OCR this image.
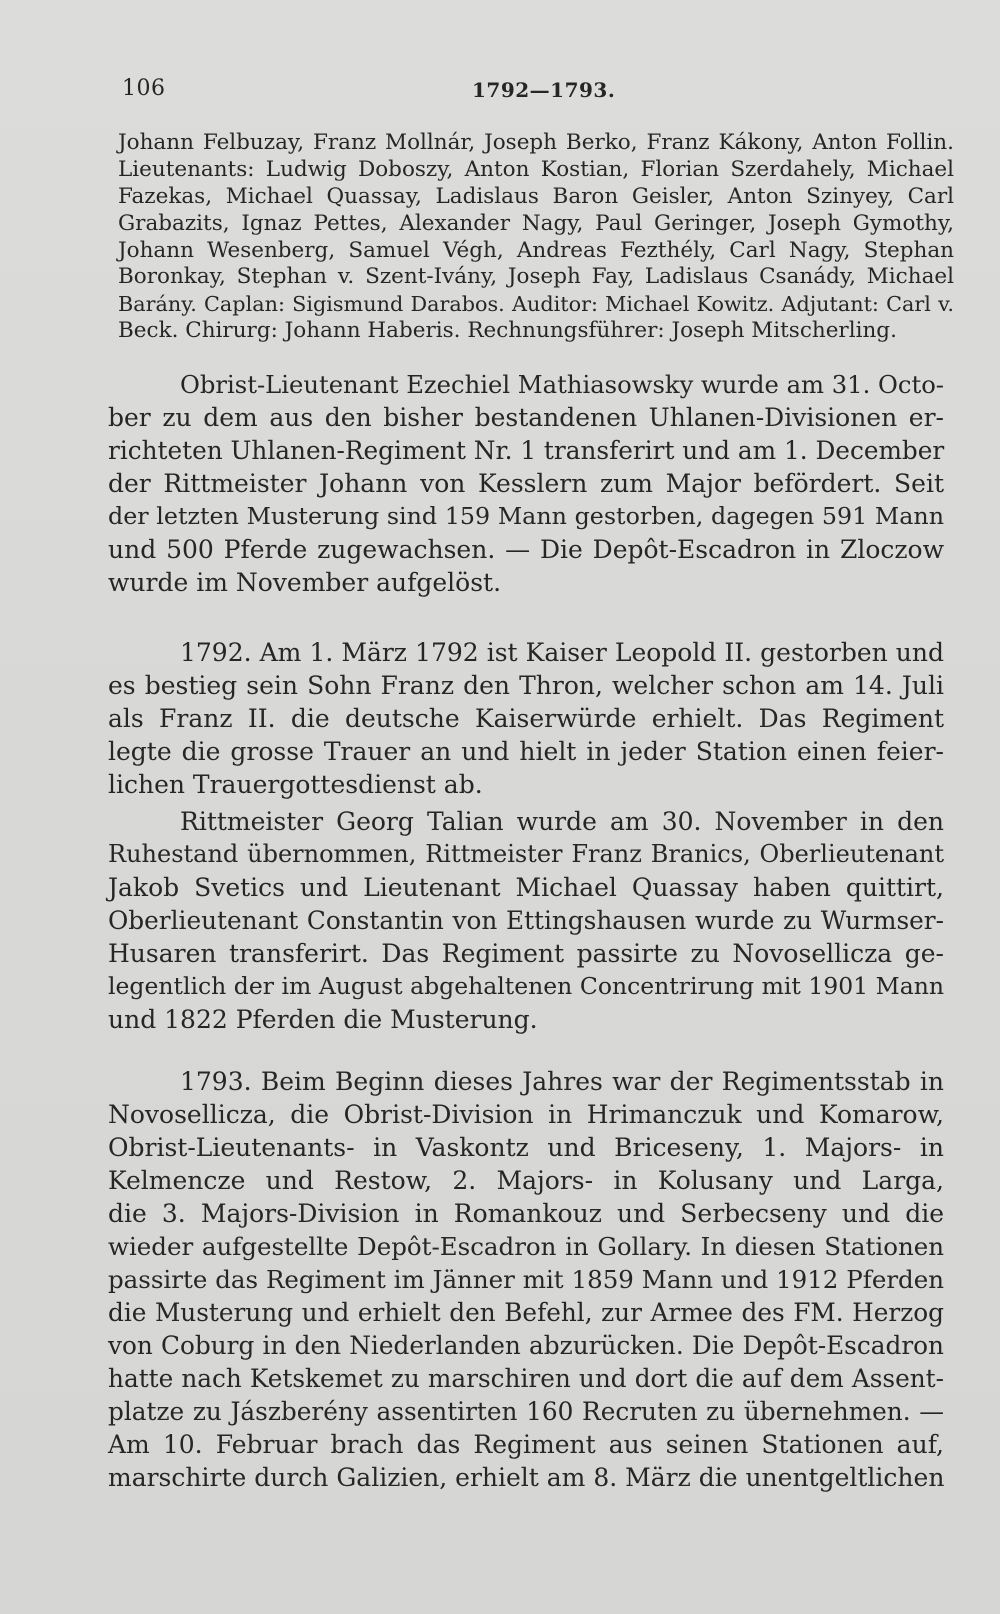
106	1792—1793.
Johann Felbuzay, Franz Mollnár, Joseph Berko, Franz Kákony, Anton Follin.
Lieutenants: Ludwig Doboszy, Anton Kostian, Florian Szerdahely, Michael
Fazekas, Michael Quassay, Ladislaus Baron Geisler, Anton Szinyey, Carl
Grabazits, Ignaz Pettes, Alexander Nagy, Paul Geringer, Joseph Gymothy,
Johann Wesenberg, Samuel Végh, Andreas Fezthély, Carl Nagy, Stephan
Boronkay, Stephan v. Szent-Ivány, Joseph Fay, Ladislaus Csanády, Michael
Barány. Caplan: Sigismund Darabos. Auditor: Michael Kowitz. Adjutant: Carl v.
Beck. Chirurg: Johann Haberis. Rechnungsführer: Joseph Mitscherling.
Obrist-Lieutenant Ezechiel Mathiasowsky wurde am 31. Octo-
ber zu dem aus den bisher bestandenen Uhlanen-Divisionen er-
richteten Uhlanen-Regiment Nr. 1 transferirt und am 1. December
der Rittmeister Johann von Kesslern zum Major befördert. Seit
der letzten Musterung sind 159 Mann gestorben, dagegen 591 Mann
und 500 Pferde zugewachsen. — Die Depôt-Escadron in Zloczow
wurde im November aufgelöst.
1792. Am 1. März 1792 ist Kaiser Leopold II. gestorben und
es bestieg sein Sohn Franz den Thron, welcher schon am 14. Juli
als Franz II. die deutsche Kaiserwürde erhielt. Das Regiment
legte die grosse Trauer an und hielt in jeder Station einen feier-
lichen Trauergottesdienst ab.
Rittmeister Georg Talian wurde am 30. November in den
Ruhestand übernommen, Rittmeister Franz Branics, Oberlieutenant
Jakob Svetics und Lieutenant Michael Quassay haben quittirt,
Oberlieutenant Constantin von Ettingshausen wurde zu Wurmser-
Husaren transferirt. Das Regiment passirte zu Novosellicza ge-
legentlich der im August abgehaltenen Concentrirung mit 1901 Mann
und 1822 Pferden die Musterung.
1793. Beim Beginn dieses Jahres war der Regimentsstab in
Novosellicza, die Obrist-Division in Hrimanczuk und Komarow,
Obrist-Lieutenants- in Vaskontz und Briceseny, 1. Majors- in
Kelmencze und Restow, 2. Majors- in Kolusany und Larga,
die 3. Majors-Division in Romankouz und Serbecseny und die
wieder aufgestellte Depôt-Escadron in Gollary. In diesen Stationen
passirte das Regiment im Jänner mit 1859 Mann und 1912 Pferden
die Musterung und erhielt den Befehl, zur Armee des FM. Herzog
von Coburg in den Niederlanden abzurücken. Die Depôt-Escadron
hatte nach Ketskemet zu marschiren und dort die auf dem Assent-
platze zu Jászberény assentirten 160 Recruten zu übernehmen. —
Am 10. Februar brach das Regiment aus seinen Stationen auf,
marschirte durch Galizien, erhielt am 8. März die unentgeltlichen
